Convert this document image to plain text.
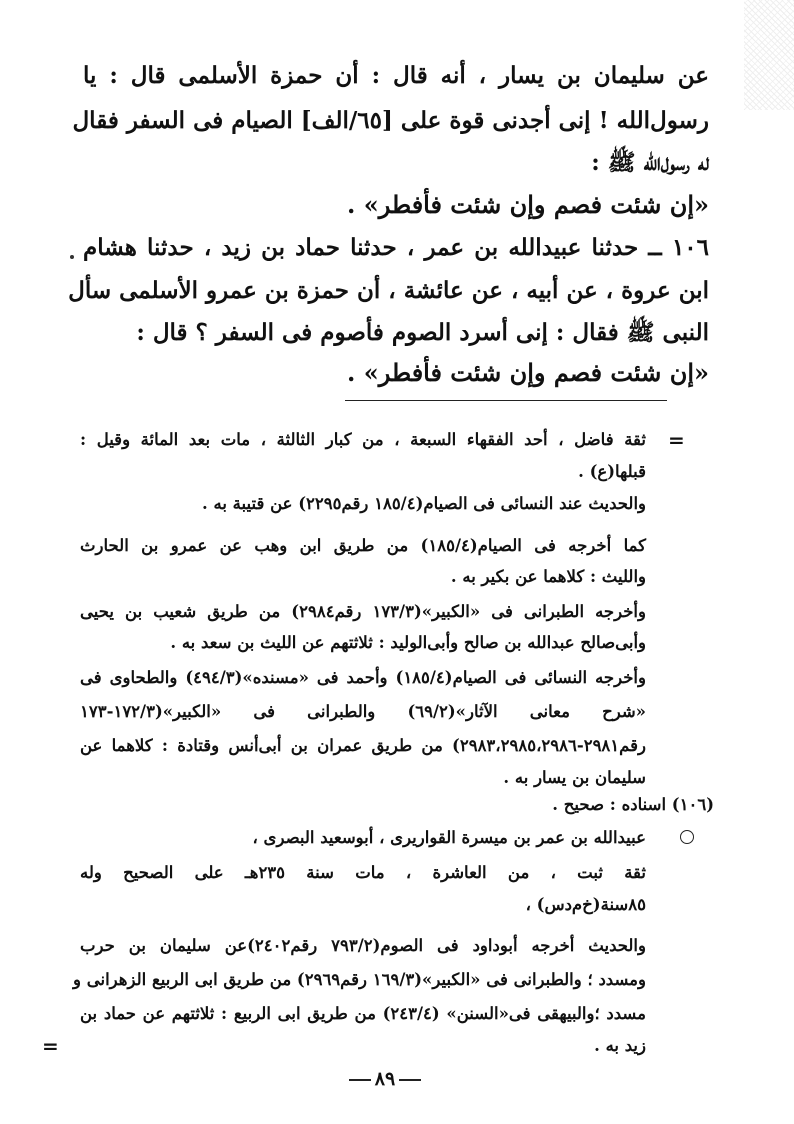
عن سليمان بن يسار ، أنه قال : أن حمزة الأسلمى قال : يا
رسول‌الله ! إنى أجدنى قوة على [٦٥/الف] الصيام فى السفر فقال
له رسول‌الله ﷺ :
«إن شئت فصم وإن شئت فأفطر» .
١٠٦ ــ حدثنا عبيدالله بن عمر ، حدثنا حماد بن زيد ، حدثنا هشام
ابن عروة ، عن أبيه ، عن عائشة ، أن حمزة بن عمرو الأسلمى سأل
النبى ﷺ فقال : إنى أسرد الصوم فأصوم فى السفر ؟ قال :
«إن شئت فصم وإن شئت فأفطر» .
=
ثقة فاضل ، أحد الفقهاء السبعة ، من كبار الثالثة ، مات بعد المائة وقيل :
قبلها(ع) .
والحديث عند النسائى فى الصيام(١٨٥/٤ رقم٢٢٩٥) عن قتيبة به .
كما أخرجه فى الصيام(١٨٥/٤) من طريق ابن وهب عن عمرو بن الحارث
والليث : كلاهما عن بكير به .
وأخرجه الطبرانى فى «الكبير»(١٧٣/٣ رقم٢٩٨٤) من طريق شعيب بن يحيى
وأبى‌صالح عبدالله بن صالح وأبى‌الوليد : ثلاثتهم عن الليث بن سعد به .
وأخرجه النسائى فى الصيام(١٨٥/٤) وأحمد فى «مسنده»(٤٩٤/٣) والطحاوى فى
«شرح معانى الآثار»(٦٩/٢) والطبرانى فى «الكبير»(١٧٢/٣-١٧٣
رقم٢٩٨١-٢٩٨٣،٢٩٨٥،٢٩٨٦) من طريق عمران بن أبى‌أنس وقتادة : كلاهما عن
سليمان بن يسار به .
(١٠٦) اسناده : صحيح .
عبيدالله بن عمر بن ميسرة القواريرى ، أبوسعيد البصرى ،
ثقة ثبت ، من العاشرة ، مات سنة ٢٣٥هـ على الصحيح وله
٨٥سنة(خ‌م‌دس) ،
والحديث أخرجه أبوداود فى الصوم(٧٩٣/٢ رقم٢٤٠٢)عن سليمان بن حرب
ومسدد ؛ والطبرانى فى «الكبير»(١٦٩/٣ رقم٢٩٦٩) من طريق ابى الربيع الزهرانى و
مسدد ؛والبيهقى فى«السنن» (٢٤٣/٤) من طريق ابى الربيع : ثلاثتهم عن حماد بن
زيد به .
=
٨٩
